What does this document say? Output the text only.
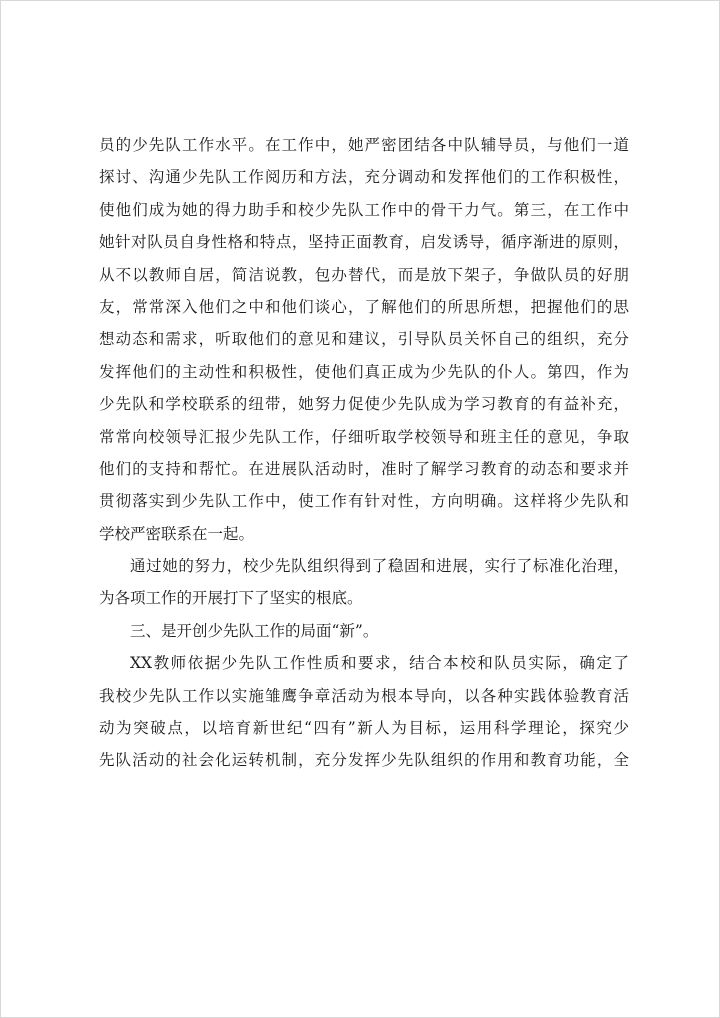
员的少先队工作水平。在工作中，她严密团结各中队辅导员，与他们一道
探讨、沟通少先队工作阅历和方法，充分调动和发挥他们的工作积极性，
使他们成为她的得力助手和校少先队工作中的骨干力气。第三，在工作中
她针对队员自身性格和特点，坚持正面教育，启发诱导，循序渐进的原则，
从不以教师自居，简洁说教，包办替代，而是放下架子，争做队员的好朋
友，常常深入他们之中和他们谈心，了解他们的所思所想，把握他们的思
想动态和需求，听取他们的意见和建议，引导队员关怀自己的组织，充分
发挥他们的主动性和积极性，使他们真正成为少先队的仆人。第四，作为
少先队和学校联系的纽带，她努力促使少先队成为学习教育的有益补充，
常常向校领导汇报少先队工作，仔细听取学校领导和班主任的意见，争取
他们的支持和帮忙。在进展队活动时，准时了解学习教育的动态和要求并
贯彻落实到少先队工作中，使工作有针对性，方向明确。这样将少先队和
学校严密联系在一起。
通过她的努力，校少先队组织得到了稳固和进展，实行了标准化治理，
为各项工作的开展打下了坚实的根底。
三、是开创少先队工作的局面“新”。
XX教师依据少先队工作性质和要求，结合本校和队员实际，确定了
我校少先队工作以实施雏鹰争章活动为根本导向，以各种实践体验教育活
动为突破点，以培育新世纪“四有”新人为目标，运用科学理论，探究少
先队活动的社会化运转机制，充分发挥少先队组织的作用和教育功能，全
